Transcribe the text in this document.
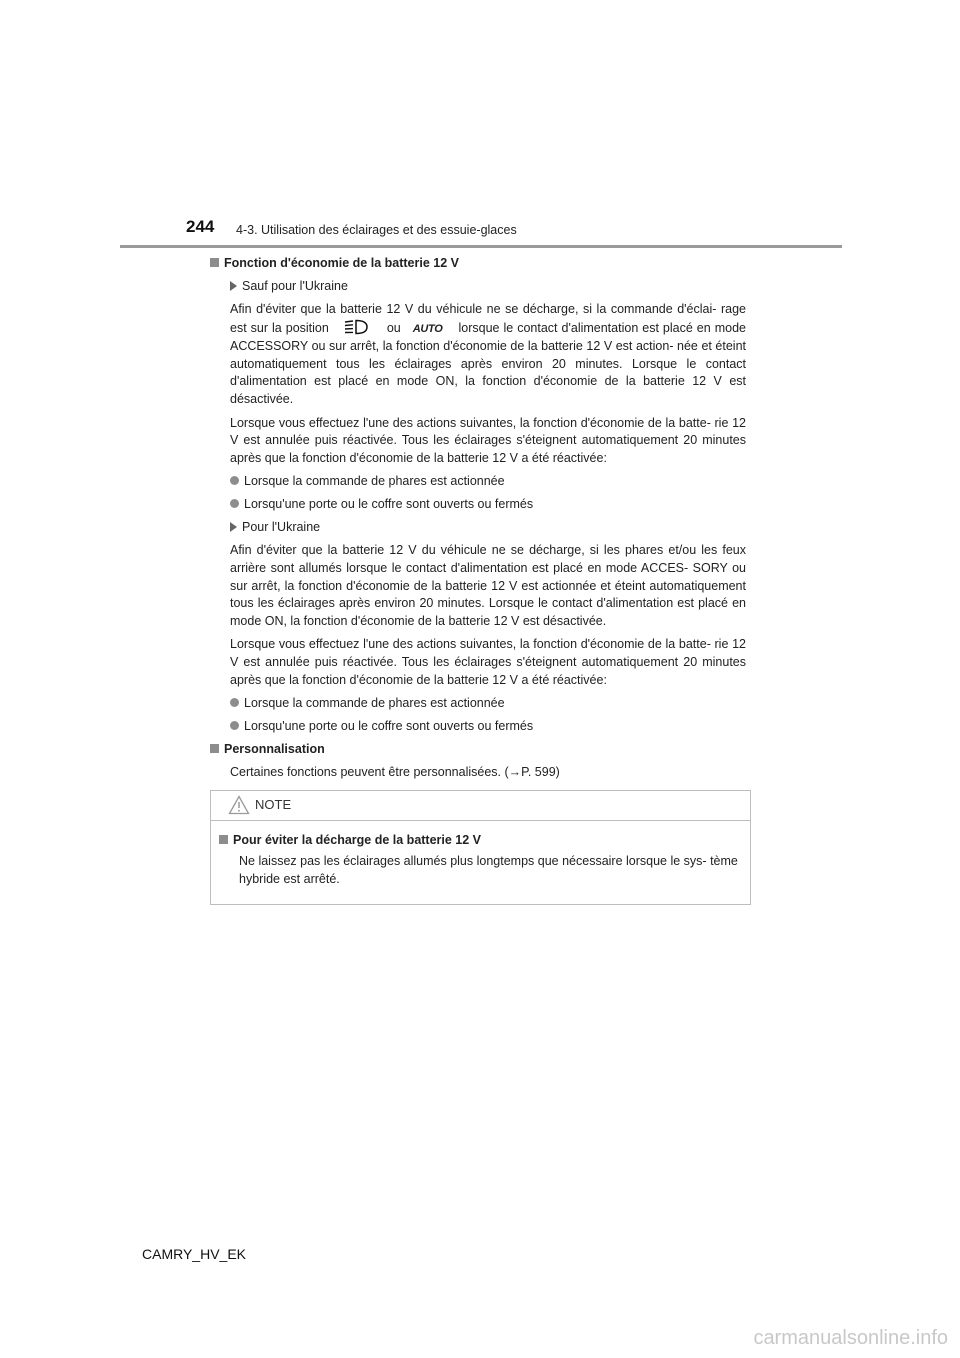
244 4-3. Utilisation des éclairages et des essuie-glaces
Fonction d'économie de la batterie 12 V
Sauf pour l'Ukraine
Afin d'éviter que la batterie 12 V du véhicule ne se décharge, si la commande d'éclai- rage est sur la position	ou AUTO lorsque le contact d'alimentation est placé en mode ACCESSORY ou sur arrêt, la fonction d'économie de la batterie 12 V est action- née et éteint automatiquement tous les éclairages après environ 20 minutes. Lorsque le contact d'alimentation est placé en mode ON, la fonction d'économie de la batterie 12 V est désactivée.
Lorsque vous effectuez l'une des actions suivantes, la fonction d'économie de la batte- rie 12 V est annulée puis réactivée. Tous les éclairages s'éteignent automatiquement 20 minutes après que la fonction d'économie de la batterie 12 V a été réactivée:
Lorsque la commande de phares est actionnée
Lorsqu'une porte ou le coffre sont ouverts ou fermés
Pour l'Ukraine
Afin d'éviter que la batterie 12 V du véhicule ne se décharge, si les phares et/ou les feux arrière sont allumés lorsque le contact d'alimentation est placé en mode ACCES- SORY ou sur arrêt, la fonction d'économie de la batterie 12 V est actionnée et éteint automatiquement tous les éclairages après environ 20 minutes. Lorsque le contact d'alimentation est placé en mode ON, la fonction d'économie de la batterie 12 V est désactivée.
Lorsque vous effectuez l'une des actions suivantes, la fonction d'économie de la batte- rie 12 V est annulée puis réactivée. Tous les éclairages s'éteignent automatiquement 20 minutes après que la fonction d'économie de la batterie 12 V a été réactivée:
Lorsque la commande de phares est actionnée
Lorsqu'une porte ou le coffre sont ouverts ou fermés
Personnalisation
Certaines fonctions peuvent être personnalisées. (→P. 599)
NOTE
Pour éviter la décharge de la batterie 12 V
Ne laissez pas les éclairages allumés plus longtemps que nécessaire lorsque le sys- tème hybride est arrêté.
CAMRY_HV_EK
carmanualsonline.info
